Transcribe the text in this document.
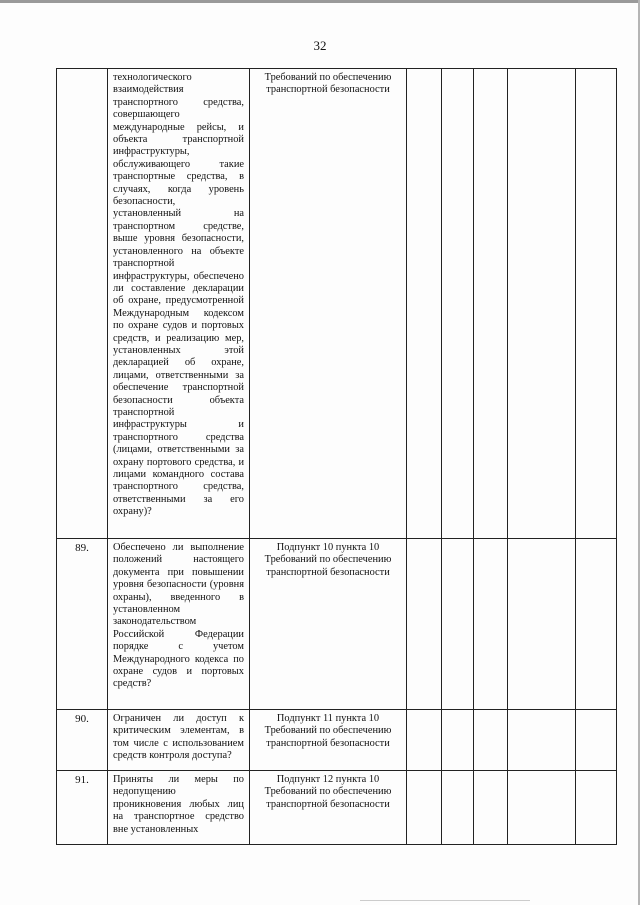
32
	технологического взаимодействия транспортного средства, совершающего международные рейсы, и объекта транспортной инфраструктуры, обслуживающего такие транспортные средства, в случаях, когда уровень безопасности, установленный на транспортном средстве, выше уровня безопасности, установленного на объекте транспортной инфраструктуры, обеспечено ли составление декларации об охране, предусмотренной Международным кодексом по охране судов и портовых средств, и реализацию мер, установленных этой декларацией об охране, лицами, ответственными за обеспечение транспортной безопасности объекта транспортной инфраструктуры и транспортного средства (лицами, ответственными за охрану портового средства, и лицами командного состава транспортного средства, ответственными за его охрану)?	Требований по обеспечению транспортной безопасности					
89.	Обеспечено ли выполнение положений настоящего документа при повышении уровня безопасности (уровня охраны), введенного в установленном законодательством Российской Федерации порядке с учетом Международного кодекса по охране судов и портовых средств?	Подпункт 10 пункта 10 Требований по обеспечению транспортной безопасности					
90.	Ограничен ли доступ к критическим элементам, в том числе с использованием средств контроля доступа?	Подпункт 11 пункта 10 Требований по обеспечению транспортной безопасности					
91.	Приняты ли меры по недопущению проникновения любых лиц на транспортное средство вне установленных	Подпункт 12 пункта 10 Требований по обеспечению транспортной безопасности					
